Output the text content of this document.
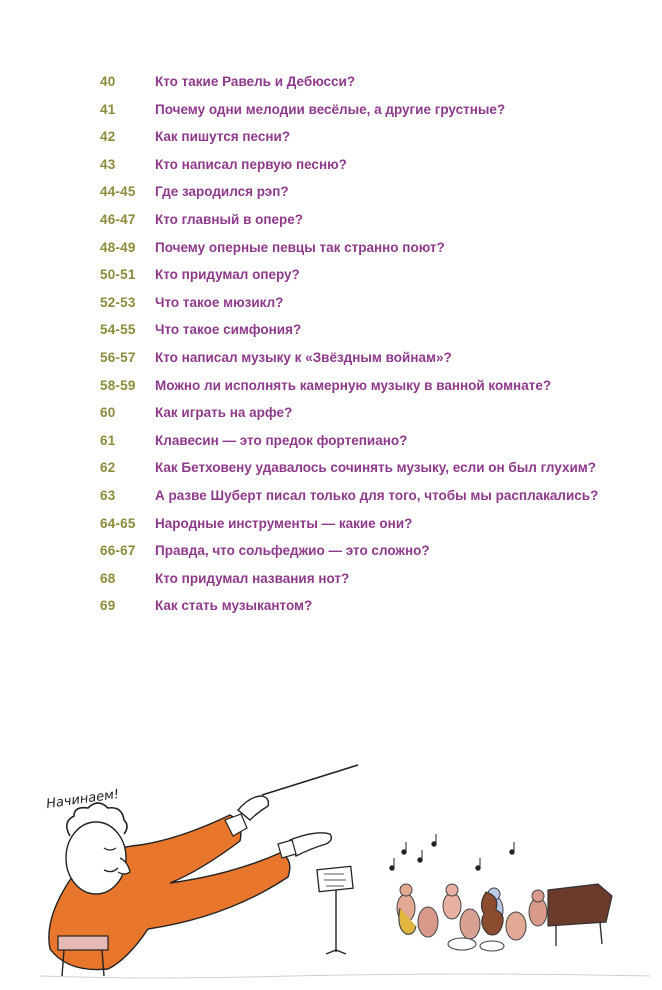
40	Кто такие Равель и Дебюсси?
41	Почему одни мелодии весёлые, а другие грустные?
42	Как пишутся песни?
43	Кто написал первую песню?
44-45	Где зародился рэп?
46-47	Кто главный в опере?
48-49	Почему оперные певцы так странно поют?
50-51	Кто придумал оперу?
52-53	Что такое мюзикл?
54-55	Что такое симфония?
56-57	Кто написал музыку к «Звёздным войнам»?
58-59	Можно ли исполнять камерную музыку в ванной комнате?
60	Как играть на арфе?
61	Клавесин — это предок фортепиано?
62	Как Бетховену удавалось сочинять музыку, если он был глухим?
63	А разве Шуберт писал только для того, чтобы мы расплакались?
64-65	Народные инструменты — какие они?
66-67	Правда, что сольфеджио — это сложно?
68	Кто придумал названия нот?
69	Как стать музыкантом?
Начинаем!
